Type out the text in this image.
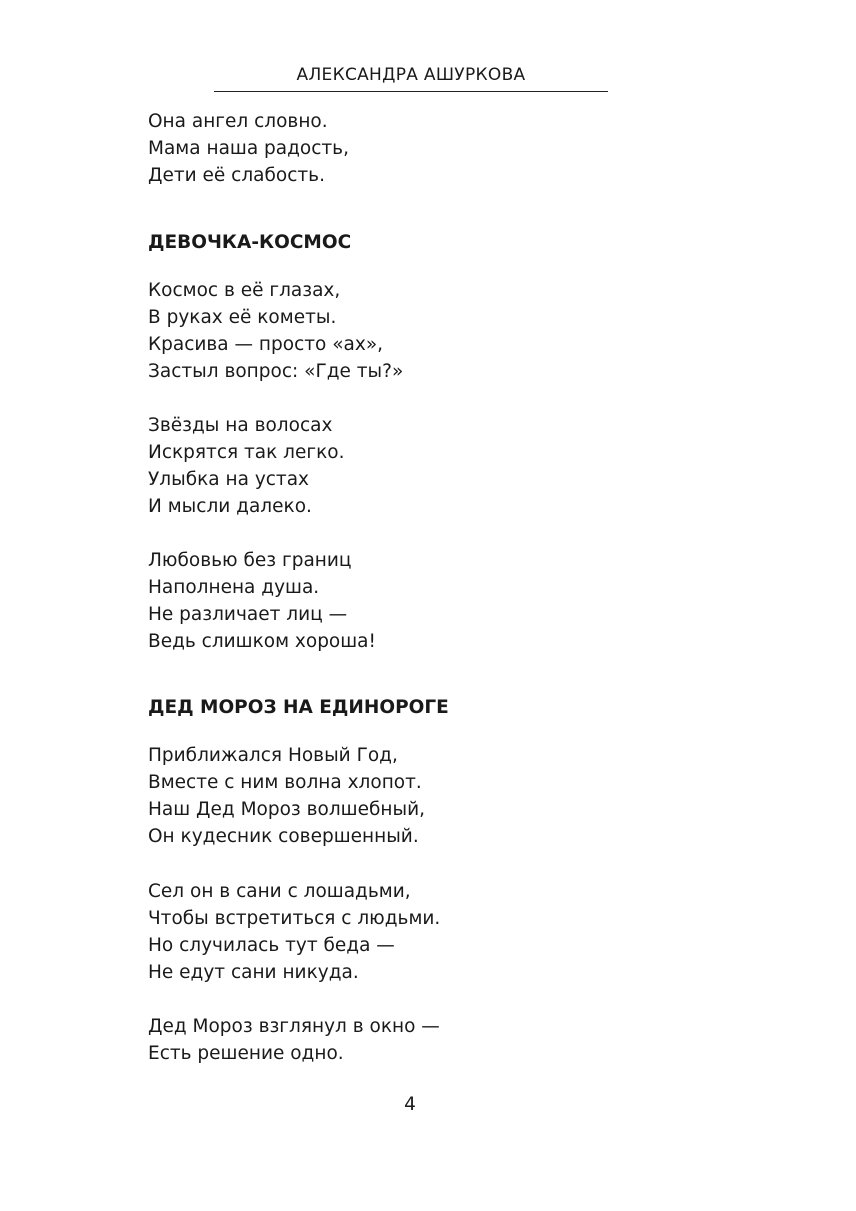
АЛЕКСАНДРА АШУРКОВА
Она ангел словно.
Мама наша радость,
Дети её слабость.
ДЕВОЧКА-КОСМОС
Космос в её глазах,
В руках её кометы.
Красива — просто «ах»,
Застыл вопрос: «Где ты?»
Звёзды на волосах
Искрятся так легко.
Улыбка на устах
И мысли далеко.
Любовью без границ
Наполнена душа.
Не различает лиц —
Ведь слишком хороша!
ДЕД МОРОЗ НА ЕДИНОРОГЕ
Приближался Новый Год,
Вместе с ним волна хлопот.
Наш Дед Мороз волшебный,
Он кудесник совершенный.
Сел он в сани с лошадьми,
Чтобы встретиться с людьми.
Но случилась тут беда —
Не едут сани никуда.
Дед Мороз взглянул в окно —
Есть решение одно.
4
